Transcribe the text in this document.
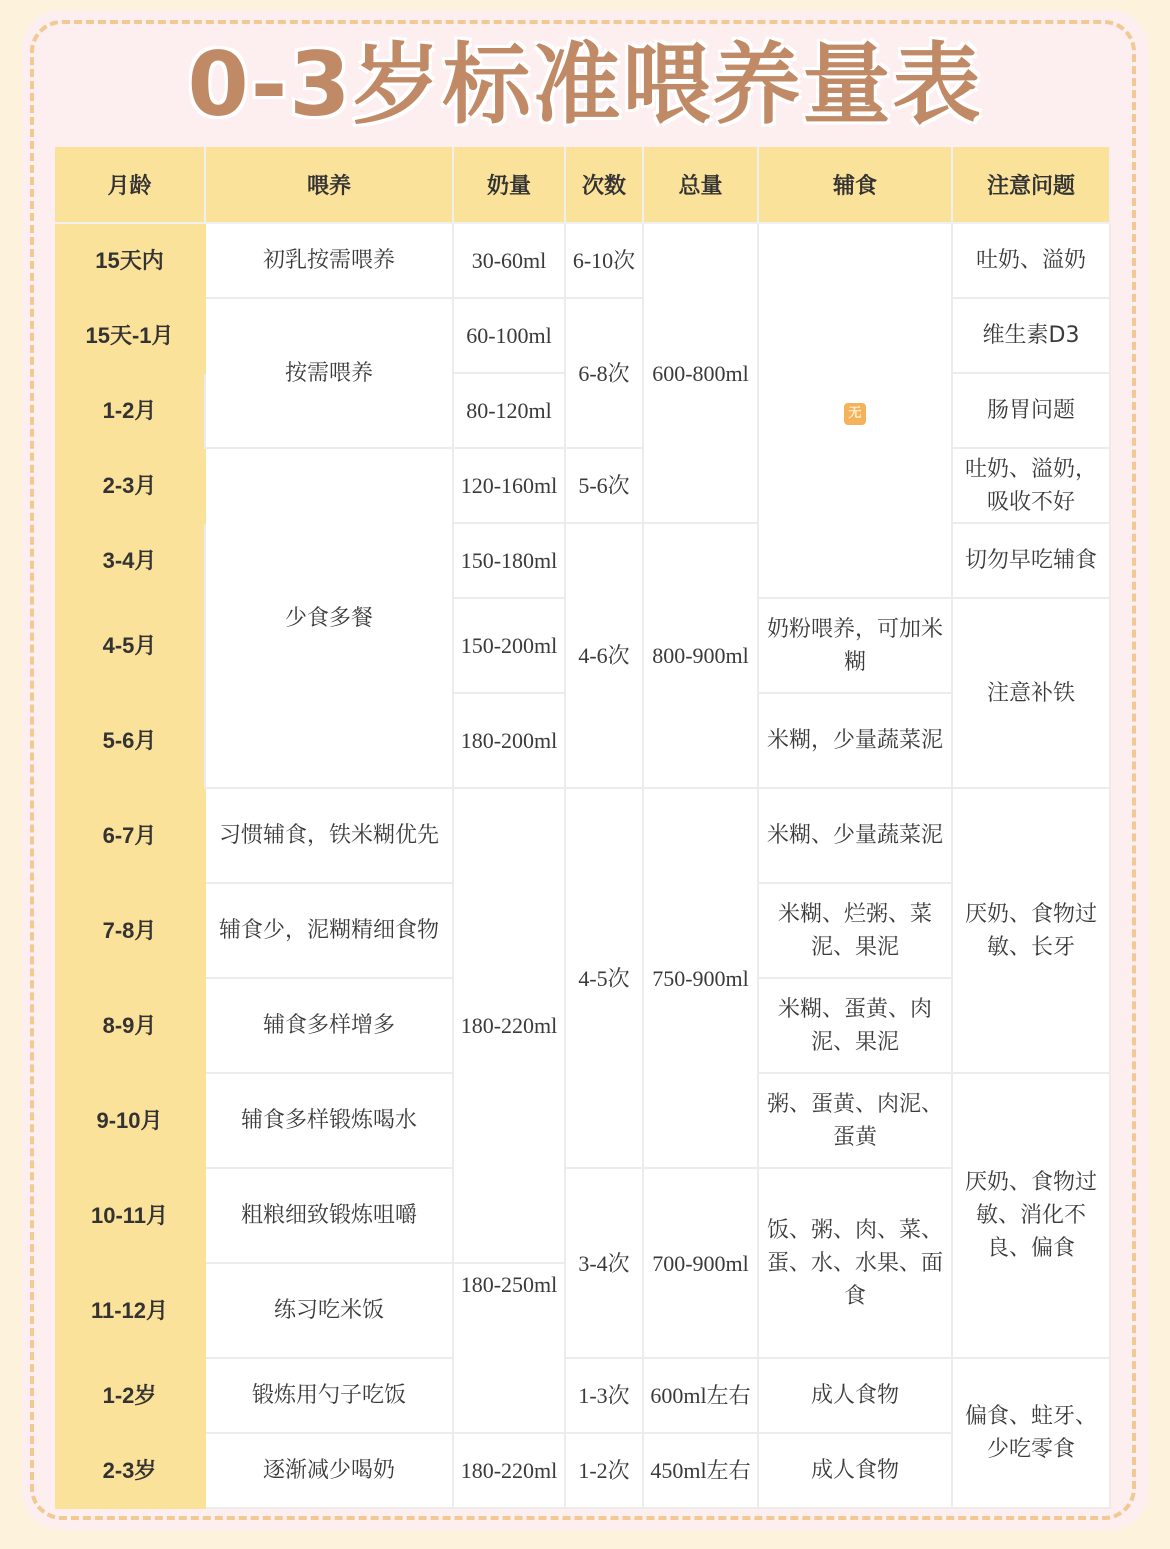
0-3岁标准喂养量表
月龄	喂养	奶量	次数	总量	辅食	注意问题
15天内	初乳按需喂养	30-60ml	6-10次	600-800ml	无	吐奶、溢奶
15天-1月	按需喂养	60-100ml	6-8次			维生素D3
1-2月		80-120ml				肠胃问题
2-3月	少食多餐	120-160ml	5-6次			吐奶、溢奶，吸收不好
3-4月		150-180ml	4-6次	800-900ml		切勿早吃辅食
4-5月		150-200ml			奶粉喂养，可加米糊	注意补铁
5-6月		180-200ml			米糊，少量蔬菜泥	
6-7月	习惯辅食，铁米糊优先	180-220ml	4-5次	750-900ml	米糊、少量蔬菜泥	厌奶、食物过敏、长牙
7-8月	辅食少，泥糊精细食物				米糊、烂粥、菜泥、果泥	
8-9月	辅食多样增多				米糊、蛋黄、肉泥、果泥	
9-10月	辅食多样锻炼喝水				粥、蛋黄、肉泥、蛋黄	厌奶、食物过敏、消化不良、偏食
10-11月	粗粮细致锻炼咀嚼		3-4次	700-900ml	饭、粥、肉、菜、蛋、水、水果、面食	
11-12月	练习吃米饭	180-250ml				
1-2岁	锻炼用勺子吃饭		1-3次	600ml左右	成人食物	偏食、蛀牙、少吃零食
2-3岁	逐渐减少喝奶	180-220ml	1-2次	450ml左右	成人食物	
